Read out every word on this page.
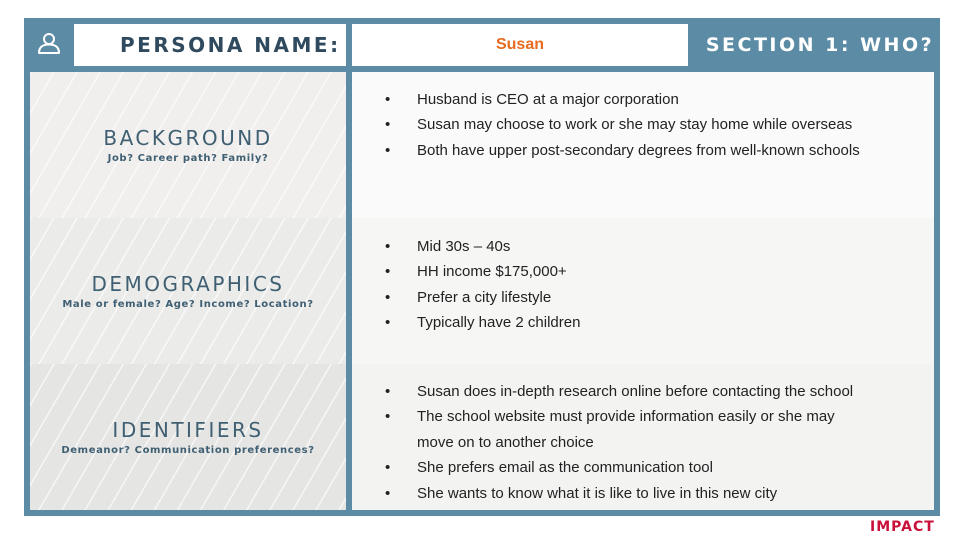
PERSONA NAME:	Susan	SECTION 1: WHO?
BACKGROUND
Job? Career path? Family?
DEMOGRAPHICS
Male or female? Age? Income? Location?
IDENTIFIERS
Demeanor? Communication preferences?
• Husband is CEO at a major corporation
• Susan may choose to work or she may stay home while overseas
• Both have upper post-secondary degrees from well-known schools
• Mid 30s – 40s
• HH income $175,000+
• Prefer a city lifestyle
• Typically have 2 children
• Susan does in-depth research online before contacting the school
• The school website must provide information easily or she may
move on to another choice
• She prefers email as the communication tool
• She wants to know what it is like to live in this new city
IMPACT
